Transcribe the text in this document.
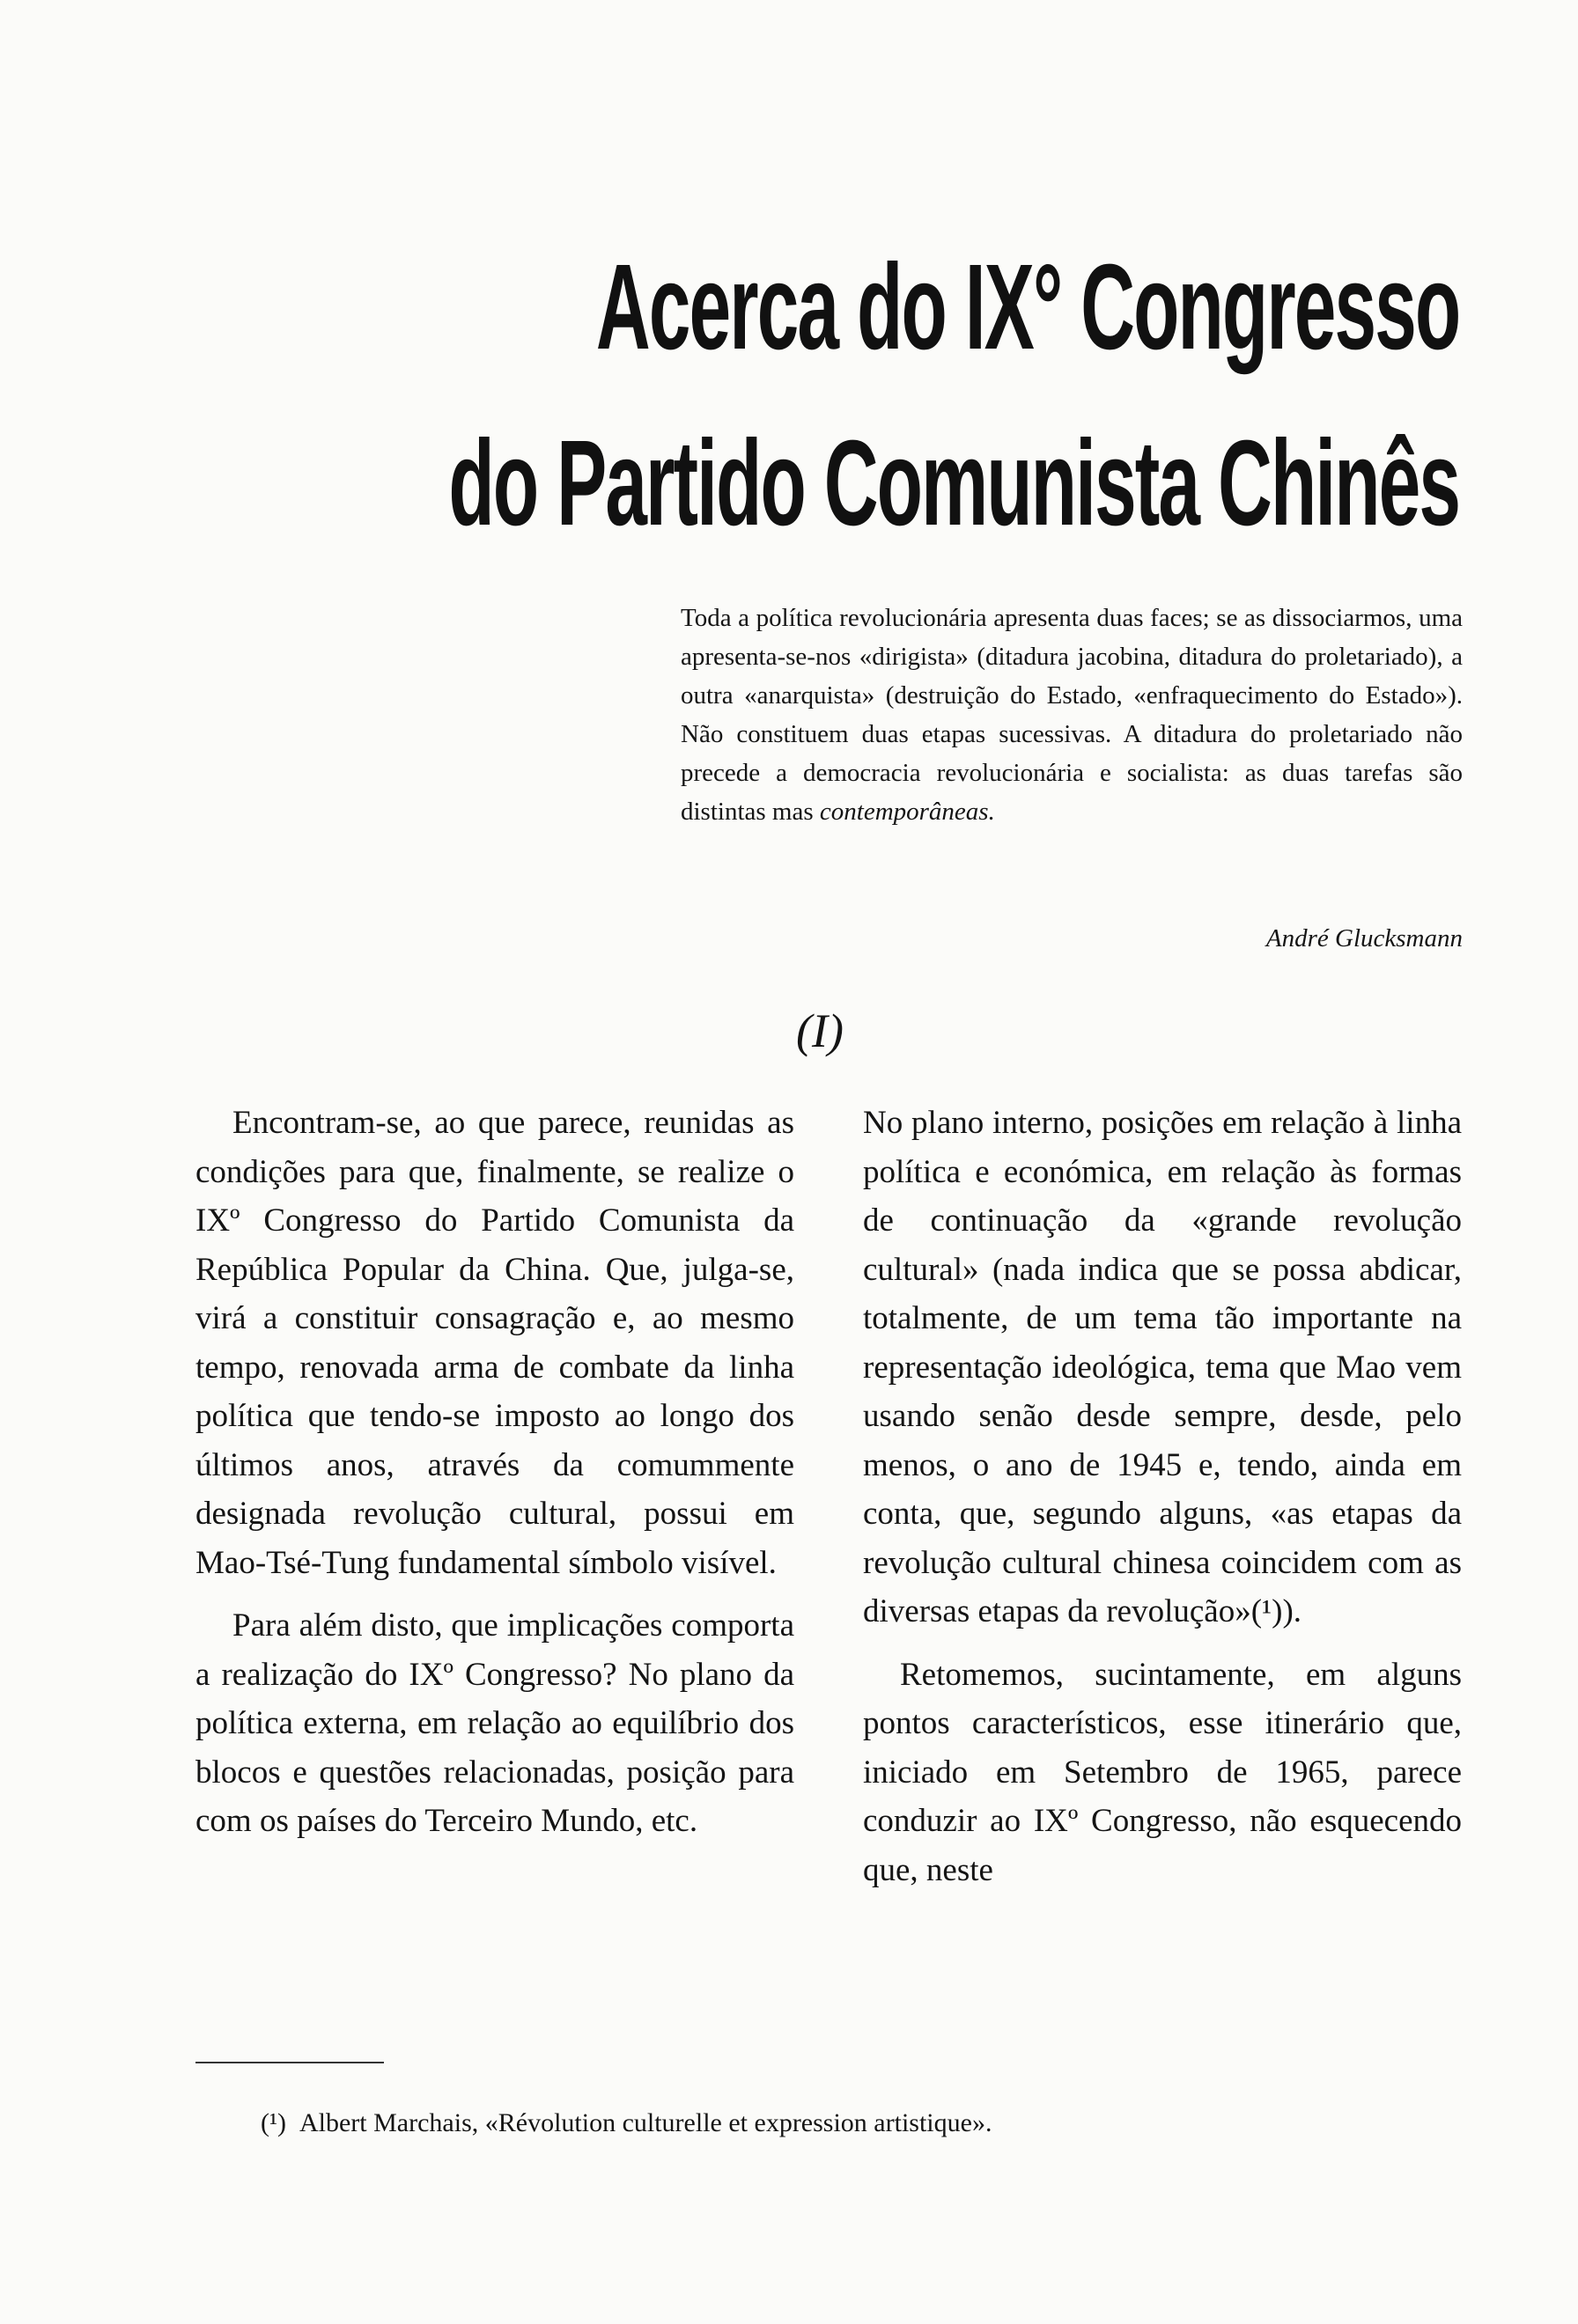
Acerca do IX° Congresso
do Partido Comunista Chinês

Toda a política revolucionária apresenta duas faces; se as dissociarmos, uma apresenta-se-nos «dirigista» (ditadura jacobina, ditadura do proletariado), a outra «anarquista» (destruição do Estado, «enfraquecimento do Estado»). Não constituem duas etapas sucessivas. A ditadura do proletariado não precede a democracia revolucionária e socialista: as duas tarefas são distintas mas contemporâneas.

André Glucksmann

(I)

Encontram-se, ao que parece, reunidas as condições para que, finalmente, se realize o IXº Congresso do Partido Comunista da República Popular da China. Que, julga-se, virá a constituir consagração e, ao mesmo tempo, renovada arma de combate da linha política que tendo-se imposto ao longo dos últimos anos, através da comummente designada revolução cultural, possui em Mao-Tsé-Tung fundamental símbolo visível.

Para além disto, que implicações comporta a realização do IXº Congresso? No plano da política externa, em relação ao equilíbrio dos blocos e questões relacionadas, posição para com os países do Terceiro Mundo, etc.

No plano interno, posições em relação à linha política e económica, em relação às formas de continuação da «grande revolução cultural» (nada indica que se possa abdicar, totalmente, de um tema tão importante na representação ideológica, tema que Mao vem usando senão desde sempre, desde, pelo menos, o ano de 1945 e, tendo, ainda em conta, que, segundo alguns, «as etapas da revolução cultural chinesa coincidem com as diversas etapas da revolução»(¹)).

Retomemos, sucintamente, em alguns pontos característicos, esse itinerário que, iniciado em Setembro de 1965, parece conduzir ao IXº Congresso, não esquecendo que, neste

(¹) Albert Marchais, «Révolution culturelle et expression artistique».
